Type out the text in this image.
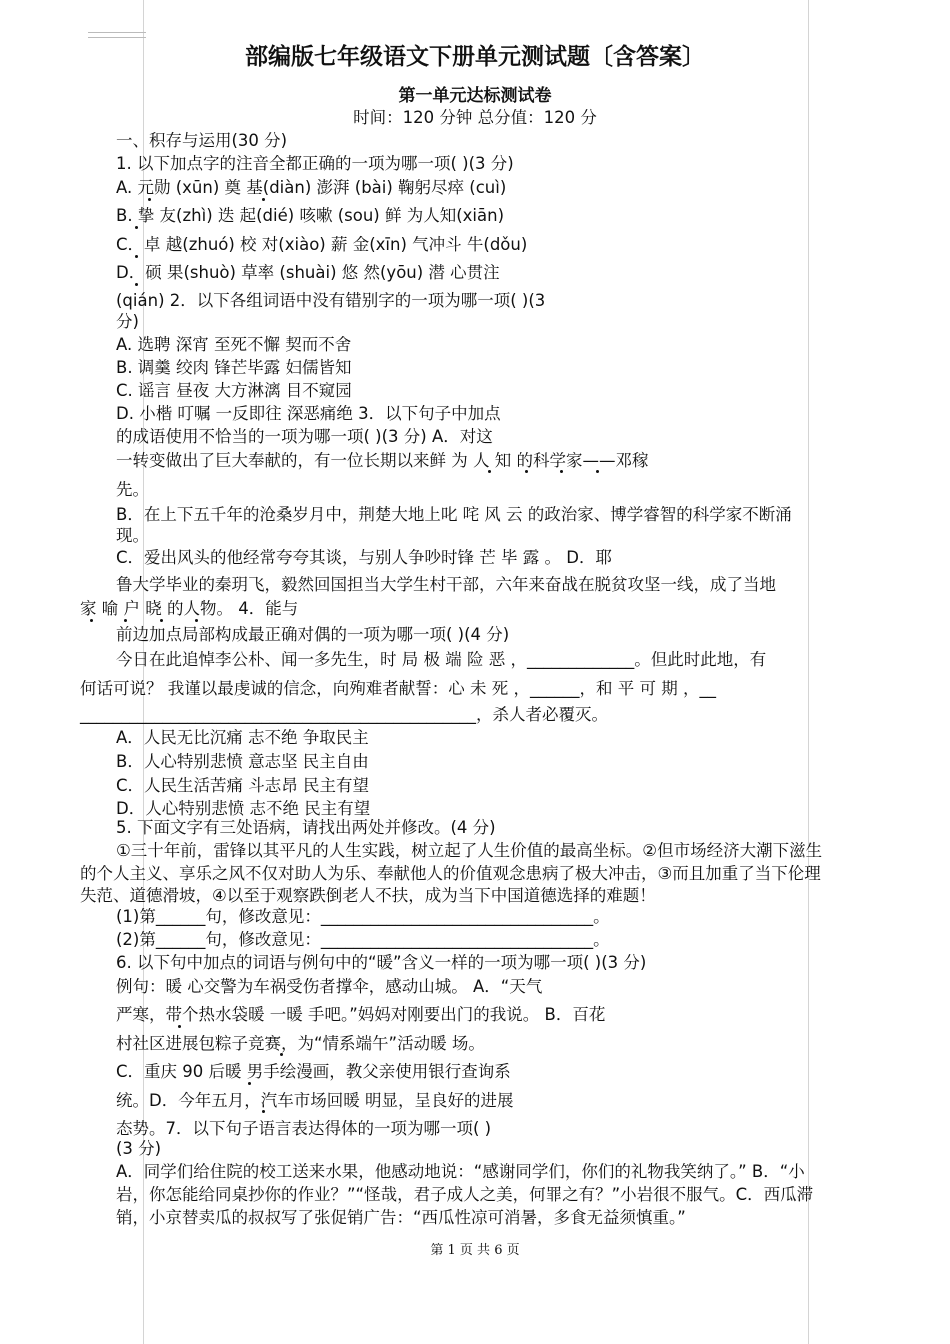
部编版七年级语文下册单元测试题〔含答案〕
第一单元达标测试卷
时间：120 分钟 总分值：120 分
一、积存与运用(30 分)
1. 以下加点字的注音全都正确的一项为哪一项( )(3 分)
A. 元勋 (xūn) 奠 基(diàn) 澎湃 (bài) 鞠躬尽瘁 (cuì)
B. 挚 友(zhì) 迭 起(dié) 咳嗽 (sou) 鲜 为人知(xiān)
C．卓 越(zhuó) 校 对(xiào) 薪 金(xīn) 气冲斗 牛(dǒu)
D．硕 果(shuò) 草率 (shuài) 悠 然(yōu) 潜 心贯注
(qián) 2．以下各组词语中没有错别字的一项为哪一项( )(3
分)
A. 选聘 深宵 至死不懈 契而不舍
B. 调羹 绞肉 锋芒毕露 妇儒皆知
C. 谣言 昼夜 大方淋漓 目不窥园
D. 小楷 叮嘱 一反即往 深恶痛绝 3．以下句子中加点
的成语使用不恰当的一项为哪一项( )(3 分) A．对这
一转变做出了巨大奉献的，有一位长期以来鲜 为 人 知 的科学家——邓稼
先。
B．在上下五千年的沧桑岁月中，荆楚大地上叱 咤 风 云 的政治家、博学睿智的科学家不断涌
现。
C．爱出风头的他经常夸夸其谈，与别人争吵时锋 芒 毕 露 。 D．耶
鲁大学毕业的秦玥飞，毅然回国担当大学生村干部，六年来奋战在脱贫攻坚一线，成了当地
家 喻 户 晓 的人物。 4．能与
前边加点局部构成最正确对偶的一项为哪一项( )(4 分)
今日在此追悼李公朴、闻一多先生，时 局 极 端 险 恶 ，_____________。但此时此地，有
何话可说？ 我谨以最虔诚的信念，向殉难者献誓：心 未 死 ，______，和 平 可 期 ，__
________________________________________________，杀人者必覆灭。
A．人民无比沉痛 志不绝 争取民主
B．人心特别悲愤 意志坚 民主自由
C．人民生活苦痛 斗志昂 民主有望
D．人心特别悲愤 志不绝 民主有望
5. 下面文字有三处语病，请找出两处并修改。(4 分)
①三十年前，雷锋以其平凡的人生实践，树立起了人生价值的最高坐标。②但市场经济大潮下滋生
的个人主义、享乐之风不仅对助人为乐、奉献他人的价值观念患病了极大冲击，③而且加重了当下伦理
失范、道德滑坡，④以至于观察跌倒老人不扶，成为当下中国道德选择的难题！
(1)第______句，修改意见：_________________________________。
(2)第______句，修改意见：_________________________________。
6. 以下句中加点的词语与例句中的“暖”含义一样的一项为哪一项( )(3 分)
例句：暖 心交警为车祸受伤者撑伞，感动山城。 A．“天气
严寒，带个热水袋暖 一暖 手吧。”妈妈对刚要出门的我说。 B．百花
村社区进展包粽子竞赛，为“情系端午”活动暖 场。
C．重庆 90 后暖 男手绘漫画，教父亲使用银行查询系
统。D．今年五月，汽车市场回暖 明显，呈良好的进展
态势。7．以下句子语言表达得体的一项为哪一项( )
(3 分)
A．同学们给住院的校工送来水果，他感动地说：“感谢同学们，你们的礼物我笑纳了。” B．“小
岩，你怎能给同桌抄你的作业？”“怪哉，君子成人之美，何罪之有？”小岩很不服气。C．西瓜滞
销，小京替卖瓜的叔叔写了张促销广告：“西瓜性凉可消暑，多食无益须慎重。”
第 1 页 共 6 页
